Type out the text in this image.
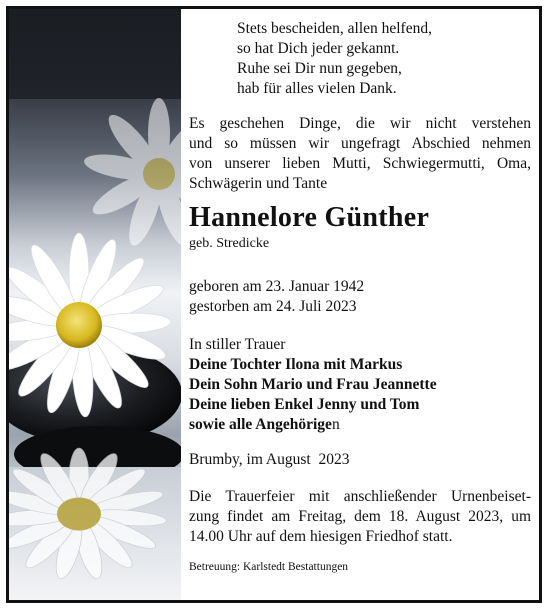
Stets bescheiden, allen helfend,
so hat Dich jeder gekannt.
Ruhe sei Dir nun gegeben,
hab für alles vielen Dank.
Es geschehen Dinge, die wir nicht verstehen
und so müssen wir ungefragt Abschied nehmen
von unserer lieben Mutti, Schwiegermutti, Oma,
Schwägerin und Tante
Hannelore Günther
geb. Stredicke
geboren am 23. Januar 1942
gestorben am 24. Juli 2023
In stiller Trauer
Deine Tochter Ilona mit Markus
Dein Sohn Mario und Frau Jeannette
Deine lieben Enkel Jenny und Tom
sowie alle Angehörigen
Brumby, im August  2023
Die Trauerfeier mit anschließender Urnenbeiset-
zung findet am Freitag, dem 18. August 2023, um
14.00 Uhr auf dem hiesigen Friedhof statt.
Betreuung: Karlstedt Bestattungen
